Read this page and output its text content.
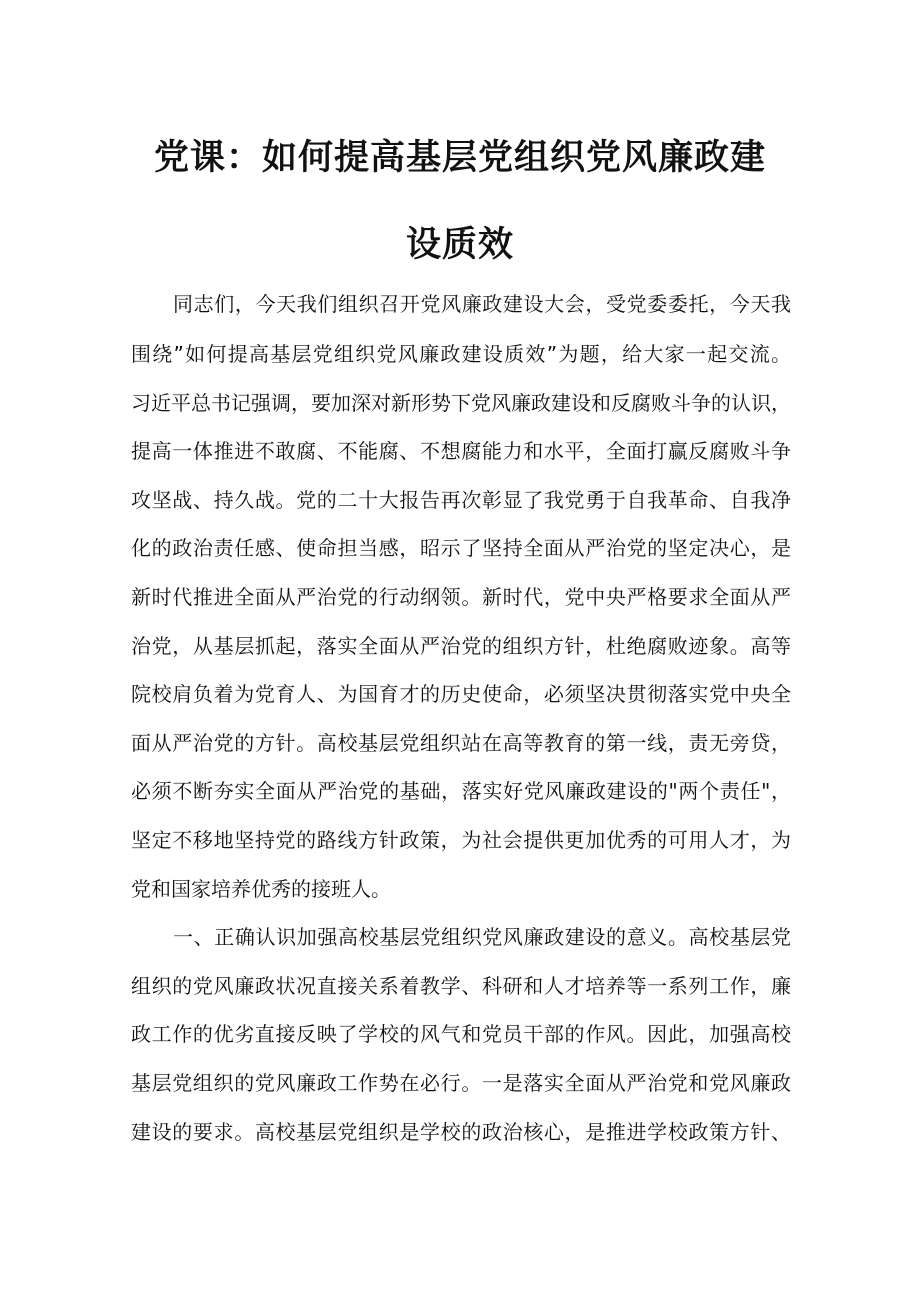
党课：如何提高基层党组织党风廉政建
设质效
同志们，今天我们组织召开党风廉政建设大会，受党委委托，今天我
围绕”如何提高基层党组织党风廉政建设质效”为题，给大家一起交流。
习近平总书记强调，要加深对新形势下党风廉政建设和反腐败斗争的认识，
提高一体推进不敢腐、不能腐、不想腐能力和水平，全面打赢反腐败斗争
攻坚战、持久战。党的二十大报告再次彰显了我党勇于自我革命、自我净
化的政治责任感、使命担当感，昭示了坚持全面从严治党的坚定决心，是
新时代推进全面从严治党的行动纲领。新时代，党中央严格要求全面从严
治党，从基层抓起，落实全面从严治党的组织方针，杜绝腐败迹象。高等
院校肩负着为党育人、为国育才的历史使命，必须坚决贯彻落实党中央全
面从严治党的方针。高校基层党组织站在高等教育的第一线，责无旁贷，
必须不断夯实全面从严治党的基础，落实好党风廉政建设的"两个责任"，
坚定不移地坚持党的路线方针政策，为社会提供更加优秀的可用人才，为
党和国家培养优秀的接班人。
一、正确认识加强高校基层党组织党风廉政建设的意义。高校基层党
组织的党风廉政状况直接关系着教学、科研和人才培养等一系列工作，廉
政工作的优劣直接反映了学校的风气和党员干部的作风。因此，加强高校
基层党组织的党风廉政工作势在必行。一是落实全面从严治党和党风廉政
建设的要求。高校基层党组织是学校的政治核心，是推进学校政策方针、
